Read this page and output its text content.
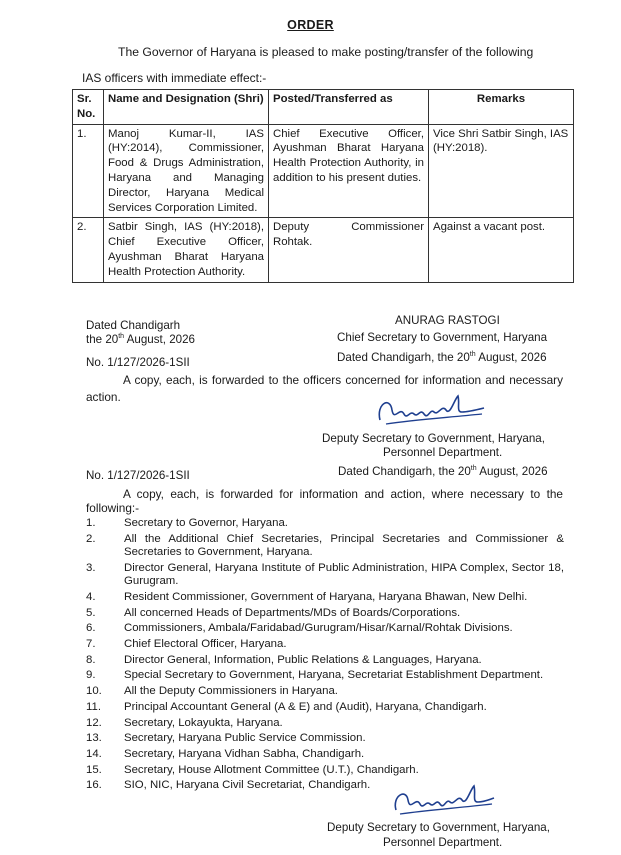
ORDER
The Governor of Haryana is pleased to make posting/transfer of the following
IAS officers with immediate effect:-
Sr. No.	Name and Designation (Shri)	Posted/Transferred as	Remarks
1.	Manoj Kumar-II, IAS (HY:2014), Commissioner, Food & Drugs Administration, Haryana and Managing Director, Haryana Medical Services Corporation Limited.	Chief Executive Officer, Ayushman Bharat Haryana Health Protection Authority, in addition to his present duties.	Vice Shri Satbir Singh, IAS (HY:2018).
2.	Satbir Singh, IAS (HY:2018), Chief Executive Officer, Ayushman Bharat Haryana Health Protection Authority.	Deputy Commissioner Rohtak.	Against a vacant post.
Dated Chandigarh
the 20th August, 2026
ANURAG RASTOGI
Chief Secretary to Government, Haryana
No. 1/127/2026-1SII	Dated Chandigarh, the 20th August, 2026
A copy, each, is forwarded to the officers concerned for information and necessary action.
Deputy Secretary to Government, Haryana,
Personnel Department.
No. 1/127/2026-1SII	Dated Chandigarh, the 20th August, 2026
A copy, each, is forwarded for information and action, where necessary to the following:-
1.	Secretary to Governor, Haryana.
2.	All the Additional Chief Secretaries, Principal Secretaries and Commissioner & Secretaries to Government, Haryana.
3.	Director General, Haryana Institute of Public Administration, HIPA Complex, Sector 18, Gurugram.
4.	Resident Commissioner, Government of Haryana, Haryana Bhawan, New Delhi.
5.	All concerned Heads of Departments/MDs of Boards/Corporations.
6.	Commissioners, Ambala/Faridabad/Gurugram/Hisar/Karnal/Rohtak Divisions.
7.	Chief Electoral Officer, Haryana.
8.	Director General, Information, Public Relations & Languages, Haryana.
9.	Special Secretary to Government, Haryana, Secretariat Establishment Department.
10. All the Deputy Commissioners in Haryana.
11. Principal Accountant General (A & E) and (Audit), Haryana, Chandigarh.
12. Secretary, Lokayukta, Haryana.
13. Secretary, Haryana Public Service Commission.
14. Secretary, Haryana Vidhan Sabha, Chandigarh.
15. Secretary, House Allotment Committee (U.T.), Chandigarh.
16. SIO, NIC, Haryana Civil Secretariat, Chandigarh.
Deputy Secretary to Government, Haryana,
Personnel Department.
